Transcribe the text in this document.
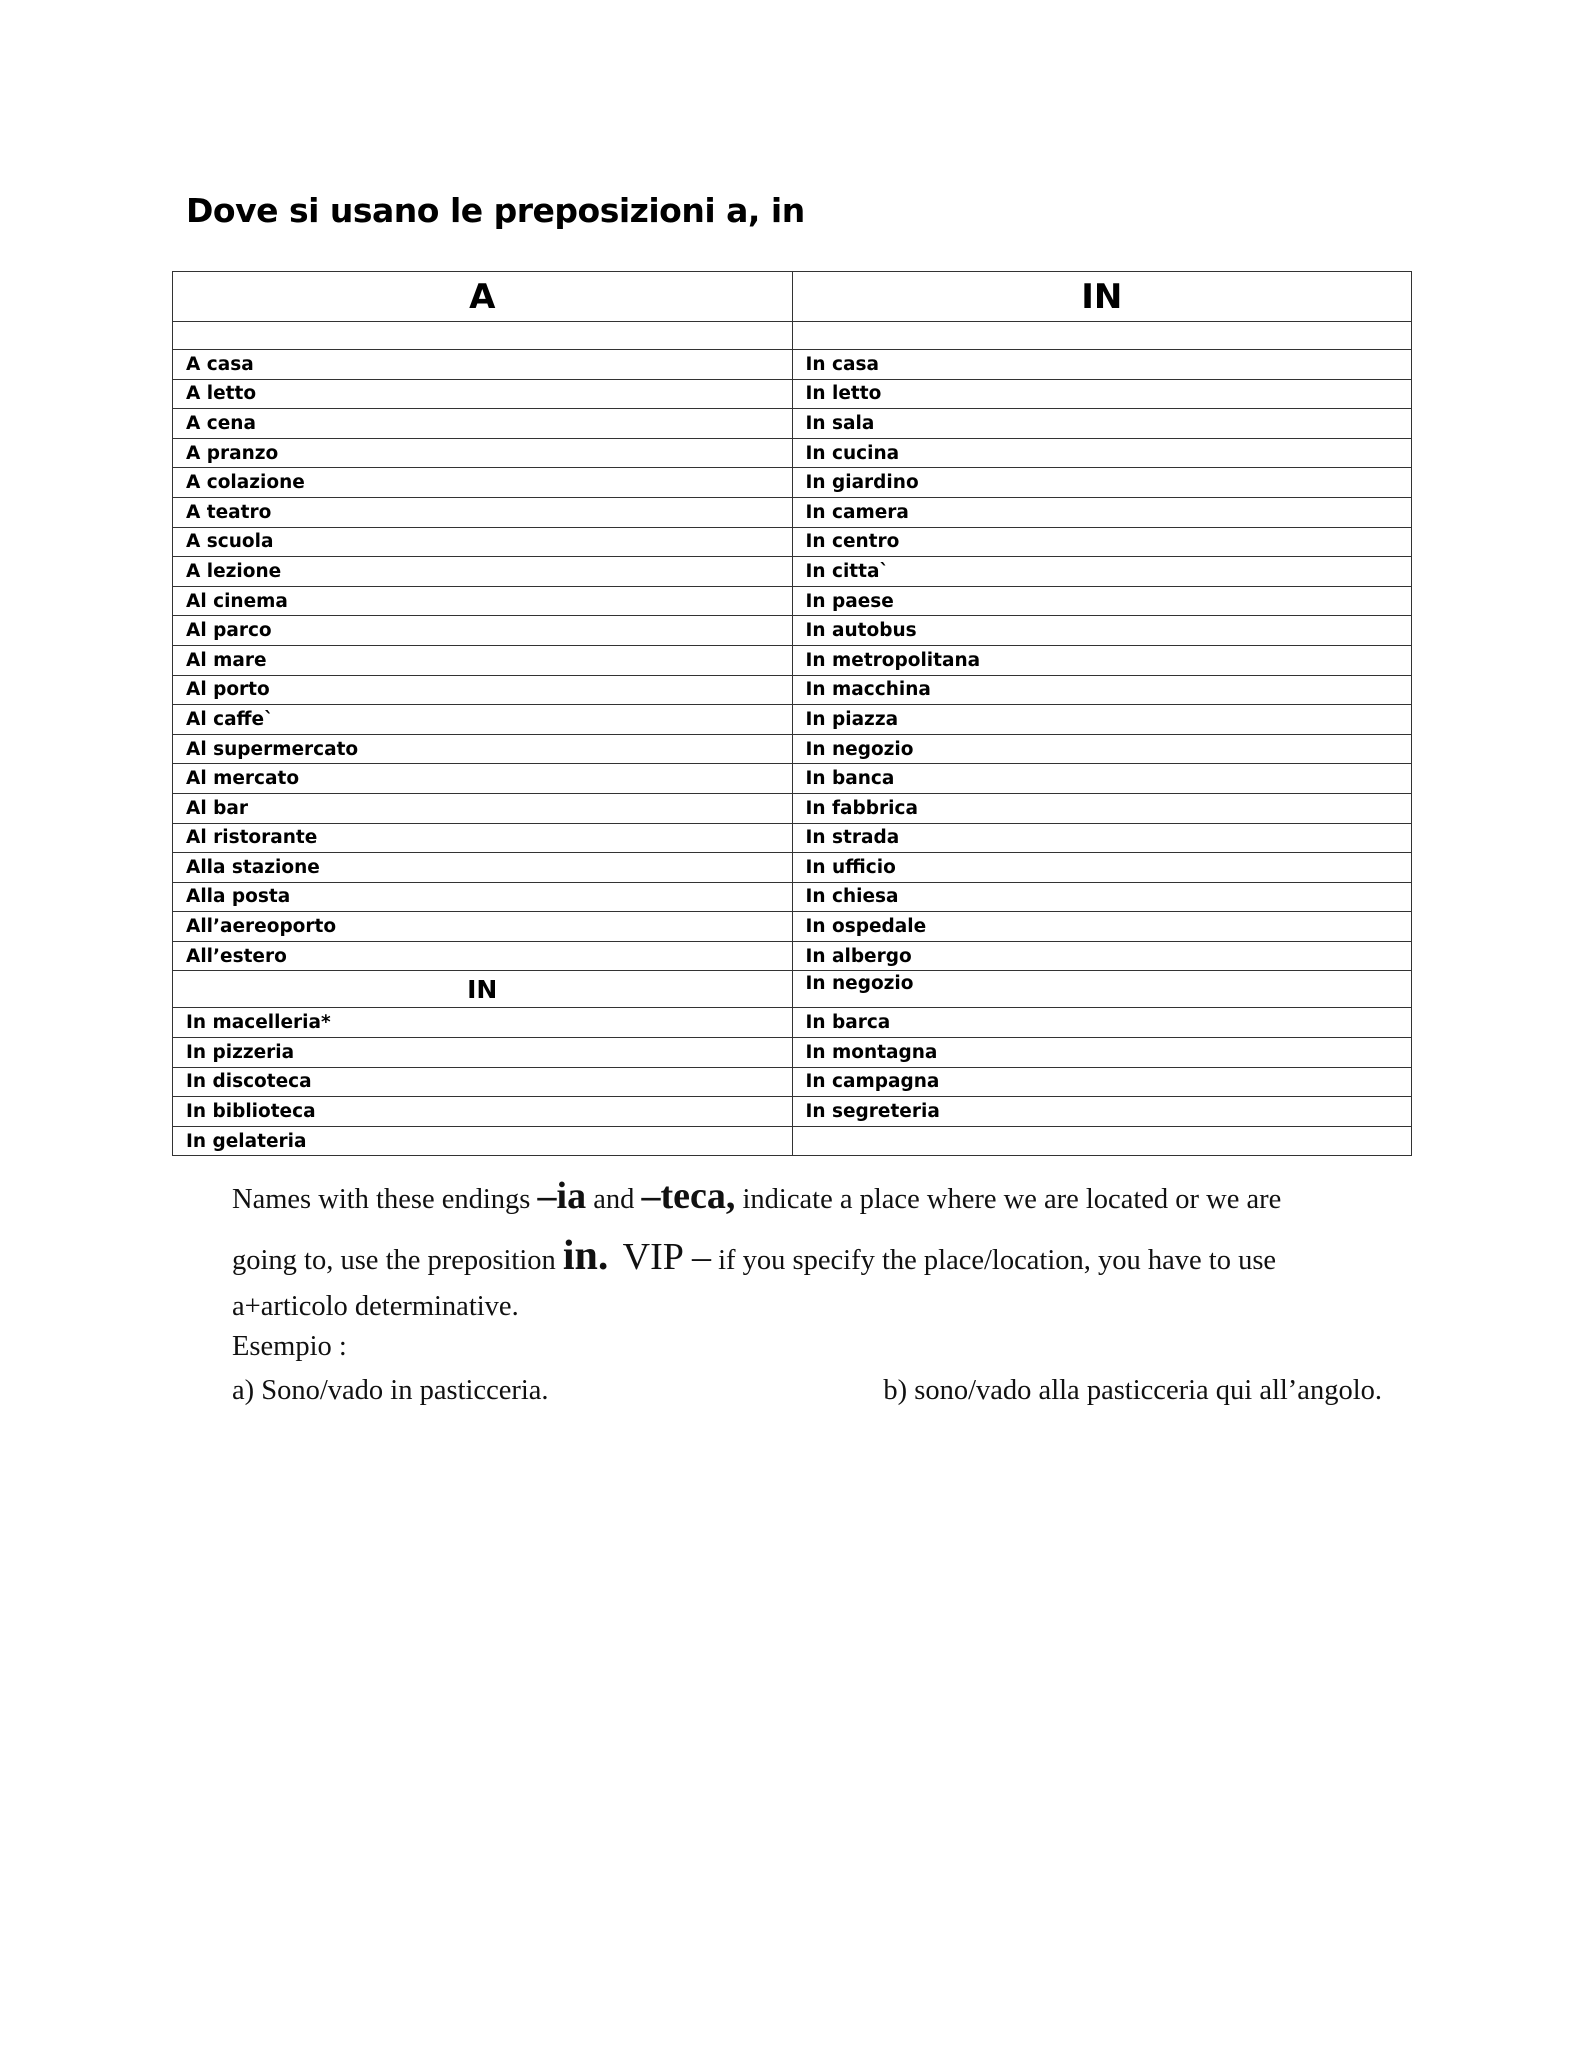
Dove si usano le preposizioni a, in
A	IN

A casa	In casa
A letto	In letto
A cena	In sala
A pranzo	In cucina
A colazione	In giardino
A teatro	In camera
A scuola	In centro
A lezione	In citta`
Al cinema	In paese
Al parco	In autobus
Al mare	In metropolitana
Al porto	In macchina
Al caffe`	In piazza
Al supermercato	In negozio
Al mercato	In banca
Al bar	In fabbrica
Al ristorante	In strada
Alla stazione	In ufficio
Alla posta	In chiesa
All’aereoporto	In ospedale
All’estero	In albergo
IN	In negozio
In macelleria*	In barca
In pizzeria	In montagna
In discoteca	In campagna
In biblioteca	In segreteria
In gelateria	

Names with these endings –ia and –teca, indicate a place where we are located or we are

going to, use the preposition in. VIP – if you specify the place/location, you have to use

a+articolo determinative.

Esempio :

a) Sono/vado in pasticceria.	b) sono/vado alla pasticceria qui all’angolo.
